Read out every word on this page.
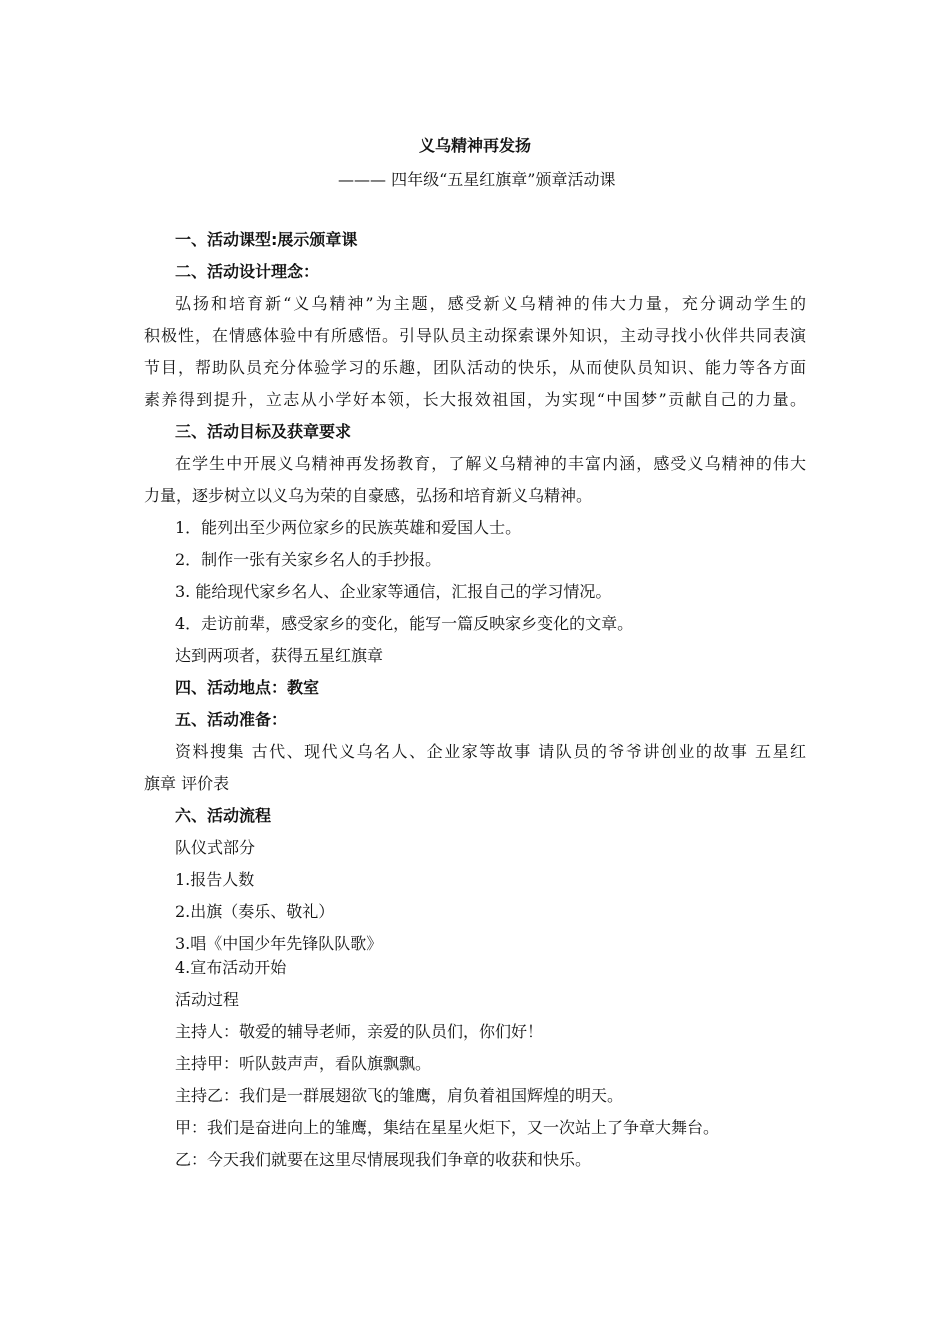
义乌精神再发扬
——— 四年级“五星红旗章”颁章活动课
一、活动课型:展示颁章课
二、活动设计理念：
弘扬和培育新“义乌精神”为主题，感受新义乌精神的伟大力量，充分调动学生的
积极性，在情感体验中有所感悟。引导队员主动探索课外知识，主动寻找小伙伴共同表演
节目，帮助队员充分体验学习的乐趣，团队活动的快乐，从而使队员知识、能力等各方面
素养得到提升，立志从小学好本领，长大报效祖国，为实现“中国梦”贡献自己的力量。
三、活动目标及获章要求
在学生中开展义乌精神再发扬教育，了解义乌精神的丰富内涵，感受义乌精神的伟大
力量，逐步树立以义乌为荣的自豪感，弘扬和培育新义乌精神。
1．能列出至少两位家乡的民族英雄和爱国人士。
2．制作一张有关家乡名人的手抄报。
3. 能给现代家乡名人、企业家等通信，汇报自己的学习情况。
4．走访前辈，感受家乡的变化，能写一篇反映家乡变化的文章。
达到两项者，获得五星红旗章
四、活动地点：教室
五、活动准备：
资料搜集 古代、现代义乌名人、企业家等故事 请队员的爷爷讲创业的故事 五星红
旗章 评价表
六、活动流程
队仪式部分
1.报告人数
2.出旗（奏乐、敬礼）
3.唱《中国少年先锋队队歌》
4.宣布活动开始
活动过程
主持人：敬爱的辅导老师，亲爱的队员们，你们好！
主持甲：听队鼓声声，看队旗飘飘。
主持乙：我们是一群展翅欲飞的雏鹰，肩负着祖国辉煌的明天。
甲：我们是奋进向上的雏鹰，集结在星星火炬下，又一次站上了争章大舞台。
乙：今天我们就要在这里尽情展现我们争章的收获和快乐。
